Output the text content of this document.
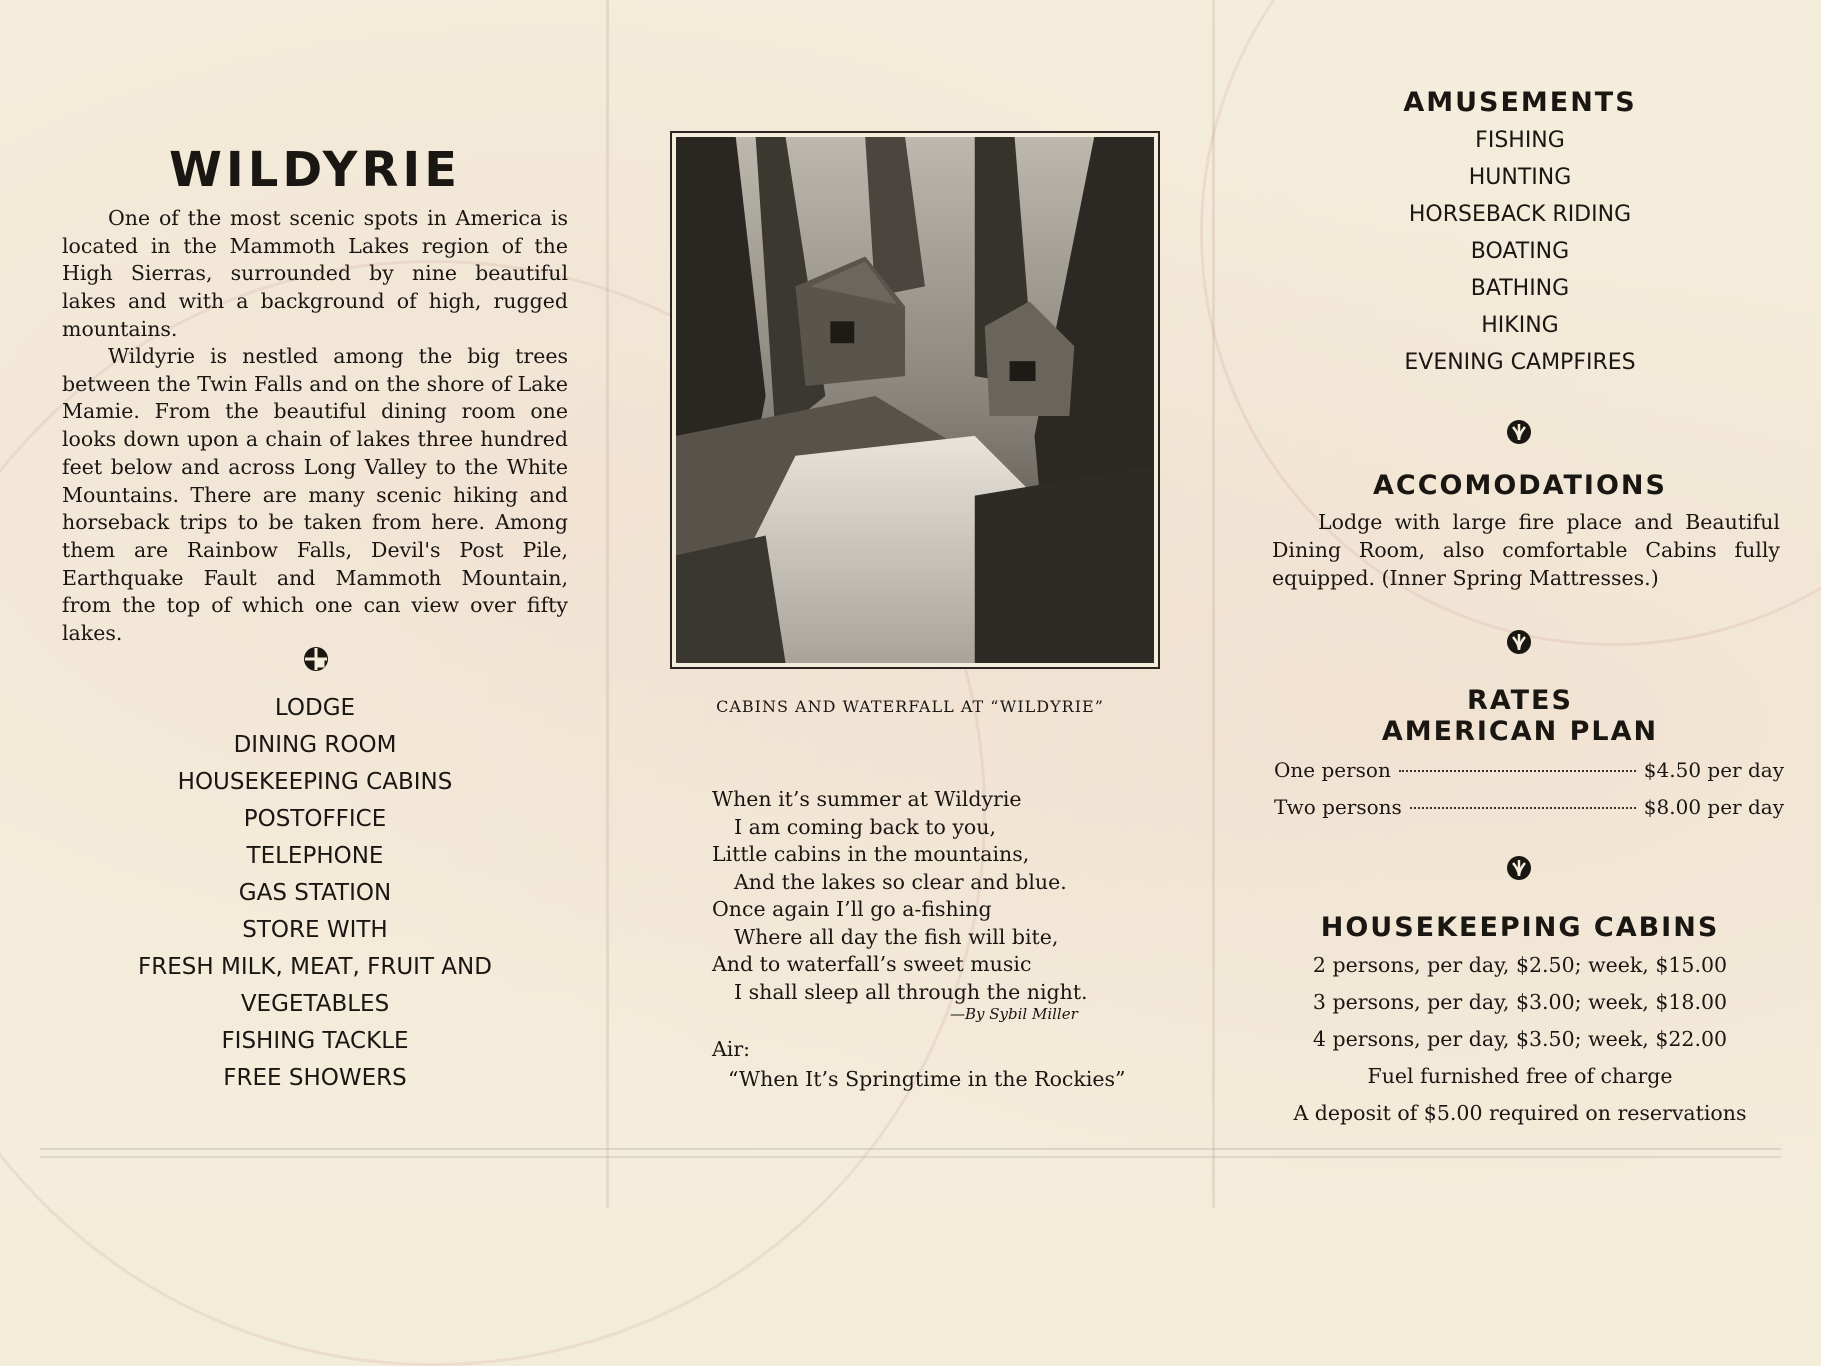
WILDYRIE

One of the most scenic spots in America is located in the Mammoth Lakes region of the High Sierras, surrounded by nine beautiful lakes and with a background of high, rugged mountains.

Wildyrie is nestled among the big trees between the Twin Falls and on the shore of Lake Mamie. From the beautiful dining room one looks down upon a chain of lakes three hundred feet below and across Long Valley to the White Mountains. There are many scenic hiking and horseback trips to be taken from here. Among them are Rainbow Falls, Devil's Post Pile, Earthquake Fault and Mammoth Mountain, from the top of which one can view over fifty lakes.

LODGE
DINING ROOM
HOUSEKEEPING CABINS
POSTOFFICE
TELEPHONE
GAS STATION
STORE WITH
FRESH MILK, MEAT, FRUIT AND
VEGETABLES
FISHING TACKLE
FREE SHOWERS

CABINS AND WATERFALL AT “WILDYRIE”

When it’s summer at Wildyrie
I am coming back to you,
Little cabins in the mountains,
And the lakes so clear and blue.
Once again I’ll go a-fishing
Where all day the fish will bite,
And to waterfall’s sweet music
I shall sleep all through the night.

—By Sybil Miller

Air:

“When It’s Springtime in the Rockies”

AMUSEMENTS
FISHING
HUNTING
HORSEBACK RIDING
BOATING
BATHING
HIKING
EVENING CAMPFIRES
ACCOMODATIONS

Lodge with large fire place and Beautiful Dining Room, also comfortable Cabins fully equipped. (Inner Spring Mattresses.)

RATES
AMERICAN PLAN
One person	$4.50 per day
Two persons	$8.00 per day
HOUSEKEEPING CABINS
2 persons, per day, $2.50; week, $15.00
3 persons, per day, $3.00; week, $18.00
4 persons, per day, $3.50; week, $22.00
Fuel furnished free of charge
A deposit of $5.00 required on reservations
